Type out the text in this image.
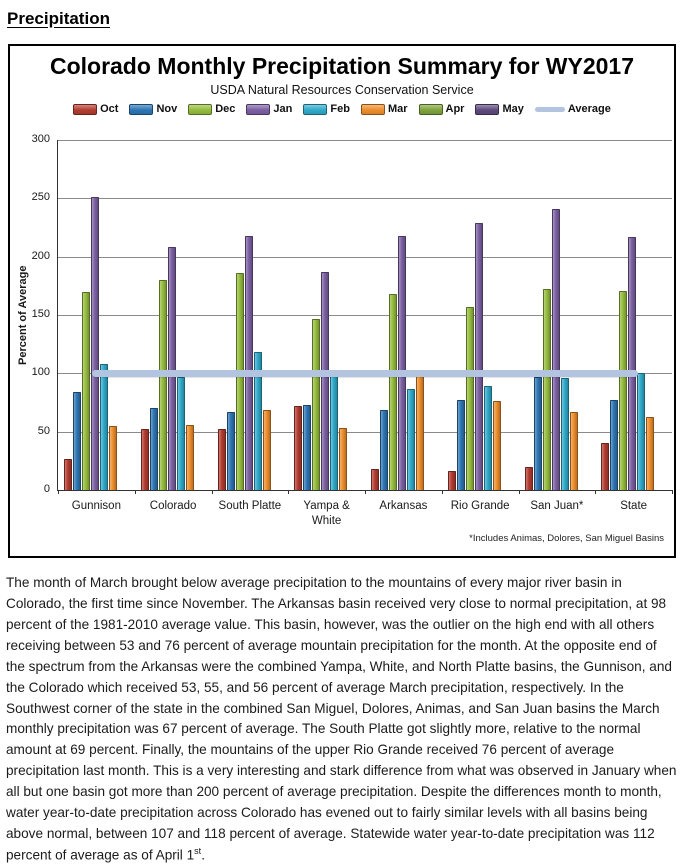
Precipitation
Colorado Monthly Precipitation Summary for WY2017
USDA Natural Resources Conservation Service
Oct	Nov	Dec	Jan	Feb	Mar	Apr	May	Average
Percent of Average
Gunnison	Colorado	South Platte	Yampa & White
Arkansas	Rio Grande	San Juan*	State
*Includes Animas, Dolores, San Miguel Basins
0
50
100
150
200
250
300

The month of March brought below average precipitation to the mountains of every major river basin in Colorado, the first time since November. The Arkansas basin received very close to normal precipitation, at 98 percent of the 1981-2010 average value. This basin, however, was the outlier on the high end with all others receiving between 53 and 76 percent of average mountain precipitation for the month. At the opposite end of the spectrum from the Arkansas were the combined Yampa, White, and North Platte basins, the Gunnison, and the Colorado which received 53, 55, and 56 percent of average March precipitation, respectively. In the Southwest corner of the state in the combined San Miguel, Dolores, Animas, and San Juan basins the March monthly precipitation was 67 percent of average. The South Platte got slightly more, relative to the normal amount at 69 percent. Finally, the mountains of the upper Rio Grande received 76 percent of average precipitation last month. This is a very interesting and stark difference from what was observed in January when all but one basin got more than 200 percent of average precipitation. Despite the differences month to month, water year-to-date precipitation across Colorado has evened out to fairly similar levels with all basins being above normal, between 107 and 118 percent of average. Statewide water year-to-date precipitation was 112 percent of average as of April 1st.
